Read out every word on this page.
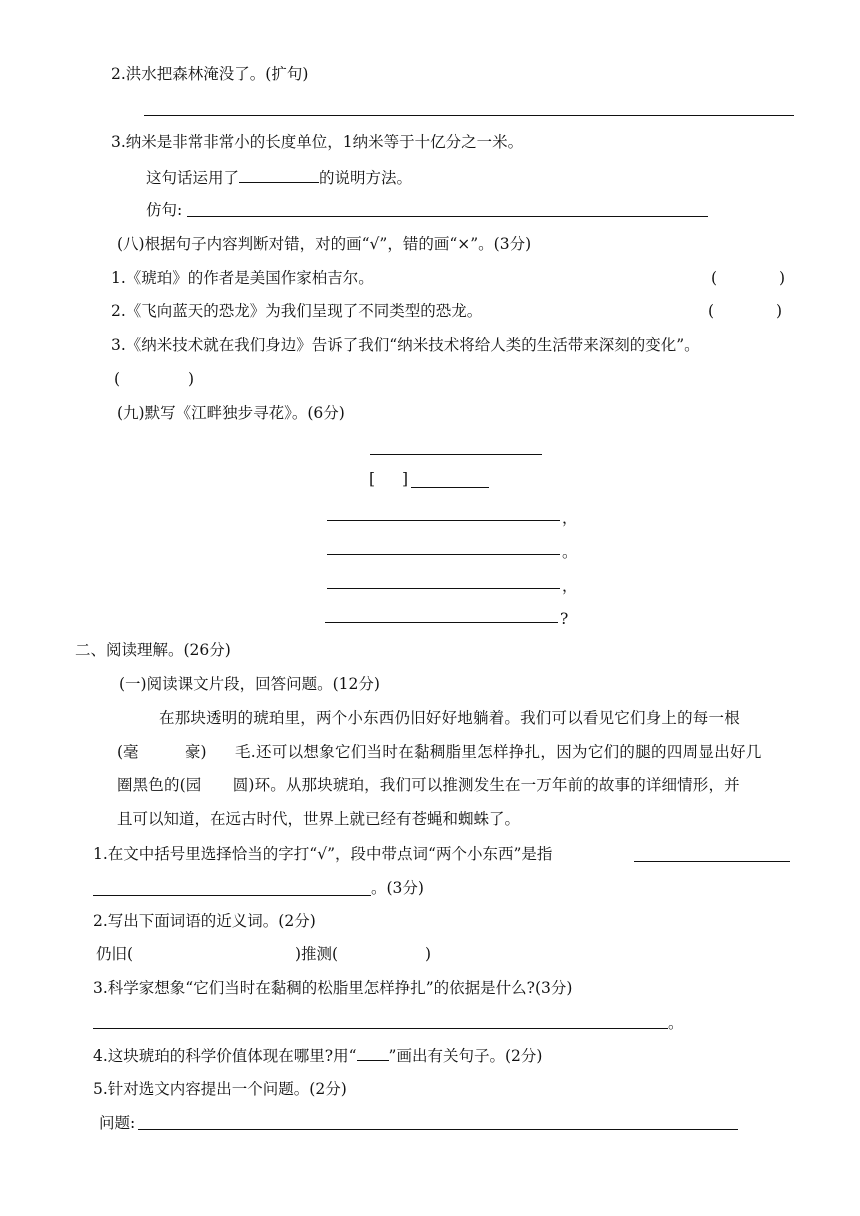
2.洪水把森林淹没了。(扩句)
3.纳米是非常非常小的长度单位，1纳米等于十亿分之一米。
这句话运用了	的说明方法。
仿句:
(八)根据句子内容判断对错，对的画“√”，错的画“×”。(3分)
1.《琥珀》的作者是美国作家柏吉尔。	(	)
2.《飞向蓝天的恐龙》为我们呈现了不同类型的恐龙。	(	)
3.《纳米技术就在我们身边》告诉了我们“纳米技术将给人类的生活带来深刻的变化”。
(	)
(九)默写《江畔独步寻花》。(6分)
[ ]
，
。
，
?
二、阅读理解。(26分)
(一)阅读课文片段，回答问题。(12分)
在那块透明的琥珀里，两个小东西仍旧好好地躺着。我们可以看见它们身上的每一根
(毫	豪) 毛.还可以想象它们当时在黏稠脂里怎样挣扎，因为它们的腿的四周显出好几
圈黑色的(园　　圆)环。从那块琥珀，我们可以推测发生在一万年前的故事的详细情形，并
且可以知道，在远古时代，世界上就已经有苍蝇和蜘蛛了。
1.在文中括号里选择恰当的字打“√”，段中带点词“两个小东西”是指
。(3分)
2.写出下面词语的近义词。(2分)
仍旧(	)推测(	)
3.科学家想象“它们当时在黏稠的松脂里怎样挣扎”的依据是什么?(3分)
。
4.这块琥珀的科学价值体现在哪里?用“ ”画出有关句子。(2分)
5.针对选文内容提出一个问题。(2分)
问题:
